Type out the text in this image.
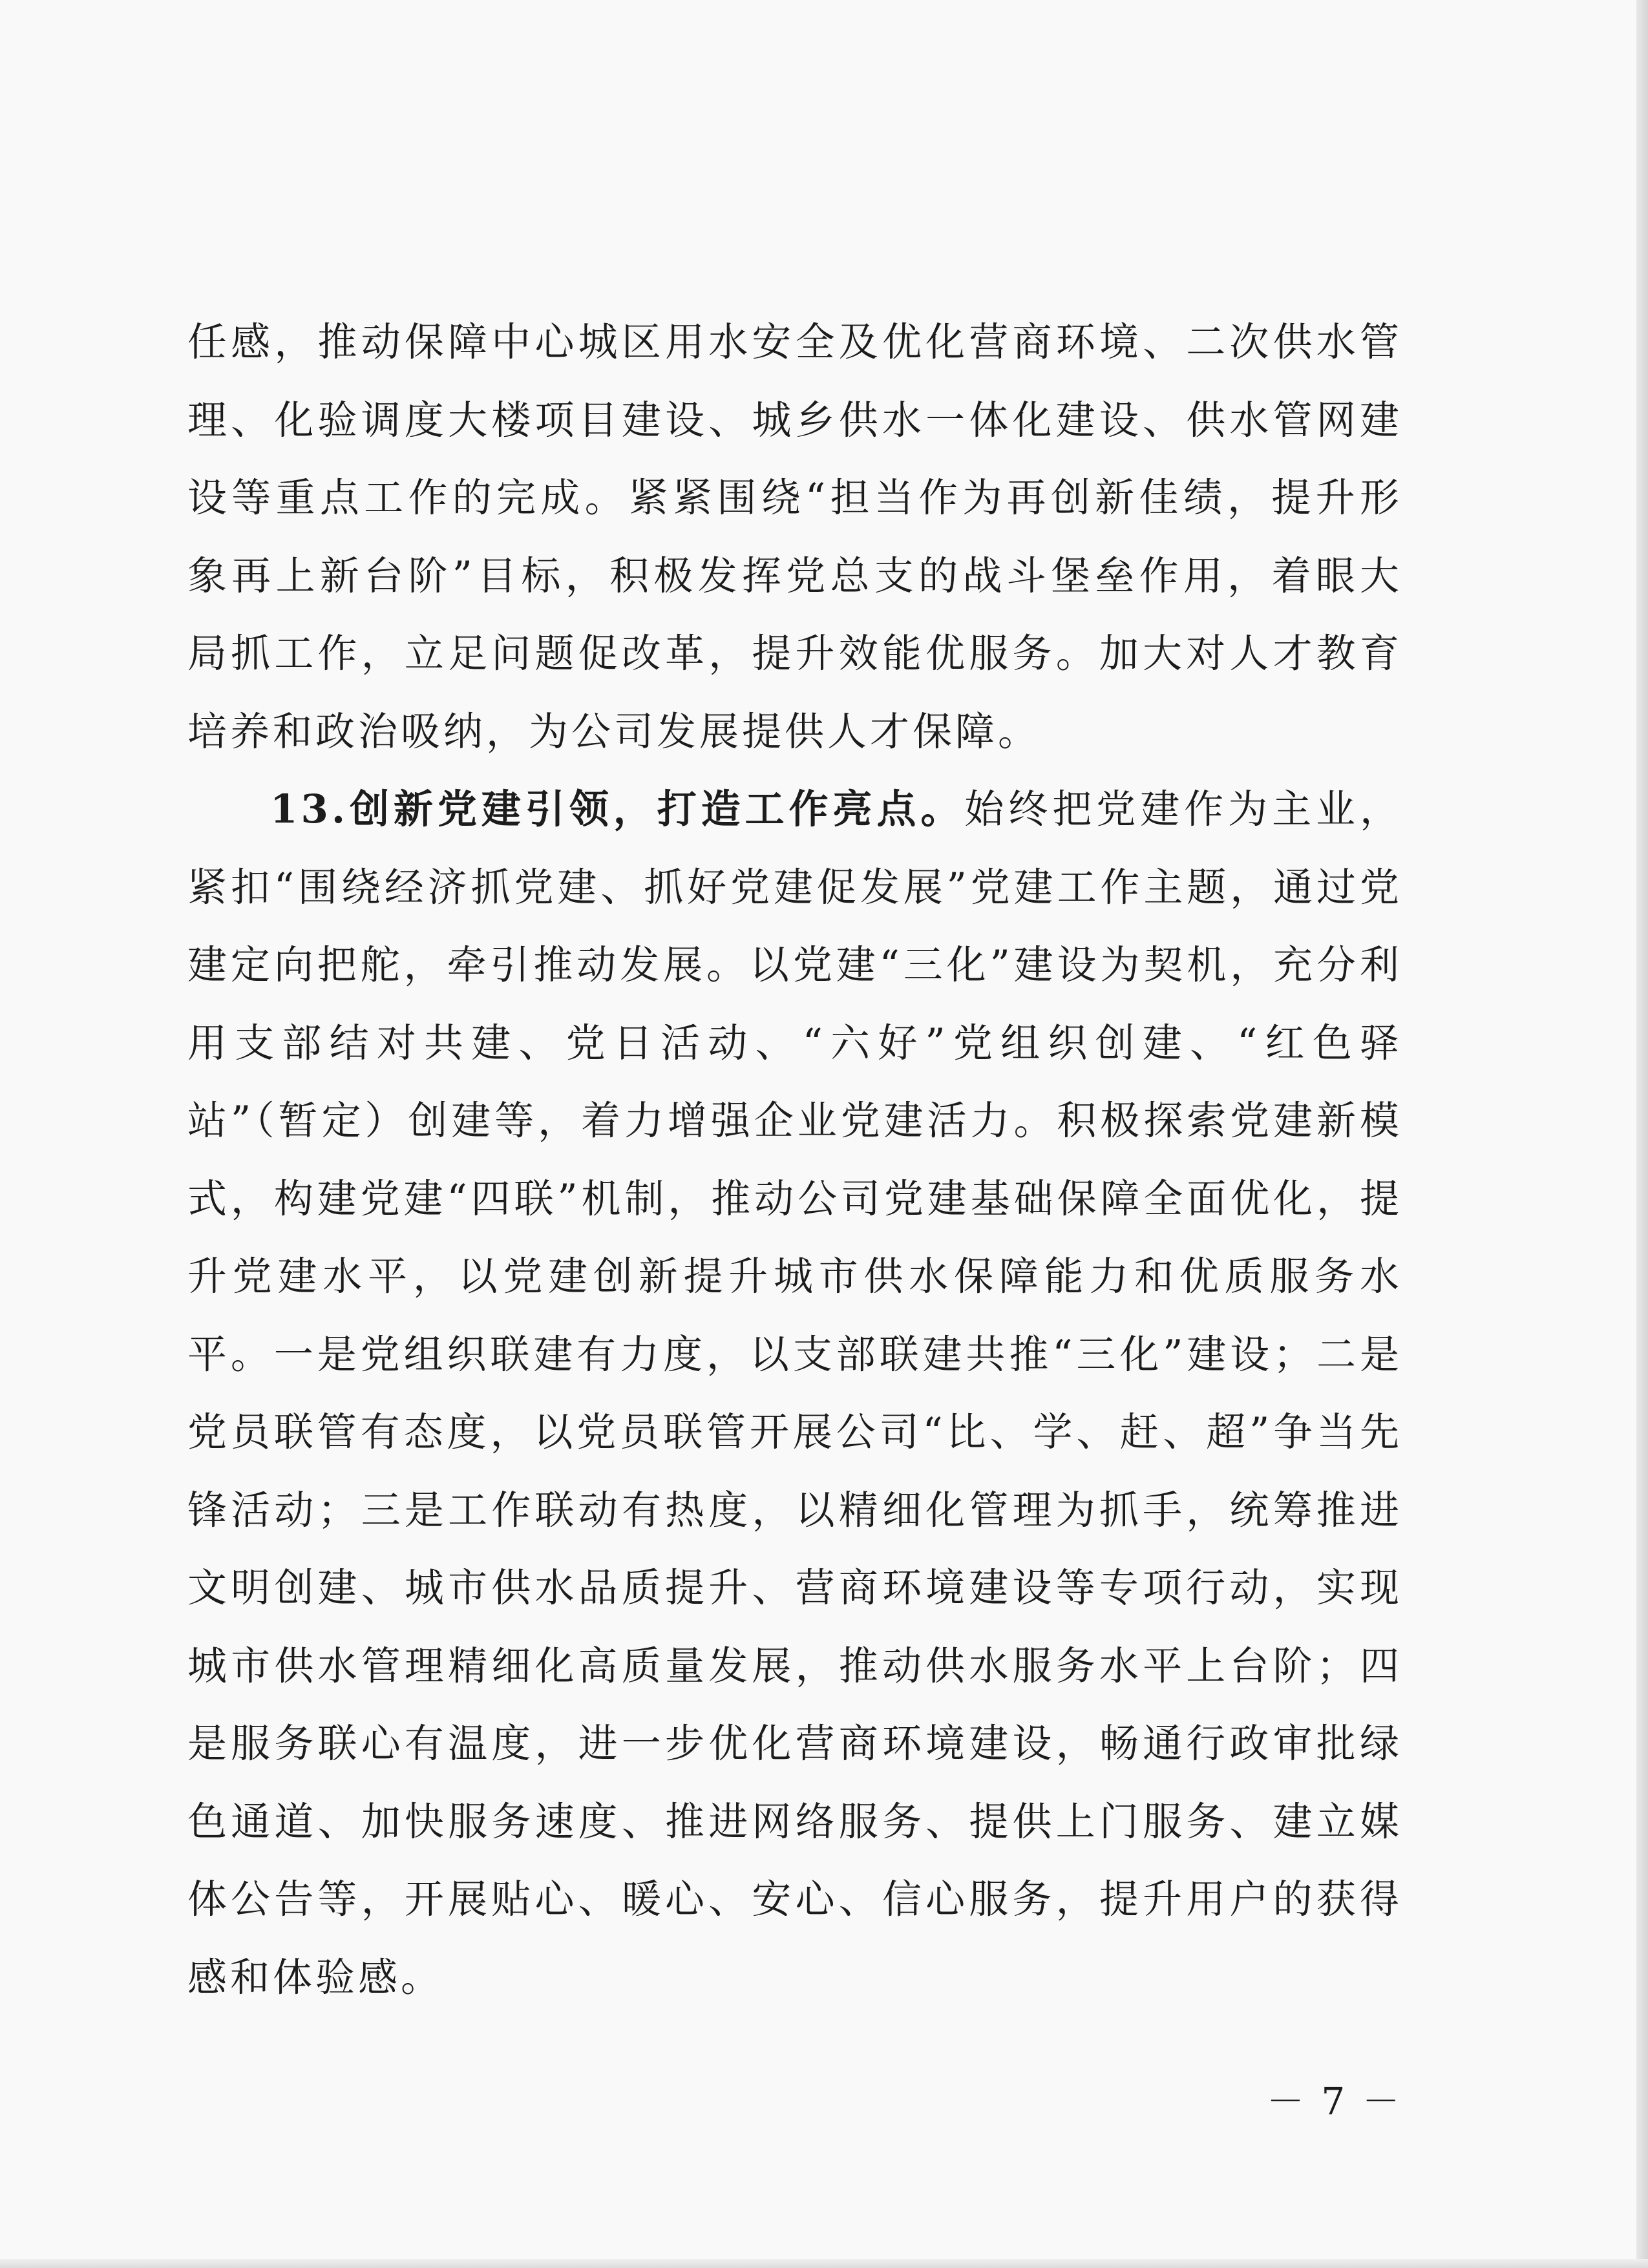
任感，推动保障中心城区用水安全及优化营商环境、二次供水管理、化验调度大楼项目建设、城乡供水一体化建设、供水管网建设等重点工作的完成。紧紧围绕“担当作为再创新佳绩，提升形象再上新台阶”目标，积极发挥党总支的战斗堡垒作用，着眼大局抓工作，立足问题促改革，提升效能优服务。加大对人才教育培养和政治吸纳，为公司发展提供人才保障。

13.创新党建引领，打造工作亮点。始终把党建作为主业，紧扣“围绕经济抓党建、抓好党建促发展”党建工作主题，通过党建定向把舵，牵引推动发展。以党建“三化”建设为契机，充分利用支部结对共建、党日活动、“六好”党组织创建、“红色驿站”（暂定）创建等，着力增强企业党建活力。积极探索党建新模式，构建党建“四联”机制，推动公司党建基础保障全面优化，提升党建水平，以党建创新提升城市供水保障能力和优质服务水平。一是党组织联建有力度，以支部联建共推“三化”建设；二是党员联管有态度，以党员联管开展公司“比、学、赶、超”争当先锋活动；三是工作联动有热度，以精细化管理为抓手，统筹推进文明创建、城市供水品质提升、营商环境建设等专项行动，实现城市供水管理精细化高质量发展，推动供水服务水平上台阶；四是服务联心有温度，进一步优化营商环境建设，畅通行政审批绿色通道、加快服务速度、推进网络服务、提供上门服务、建立媒体公告等，开展贴心、暖心、安心、信心服务，提升用户的获得感和体验感。

－ 7 －
